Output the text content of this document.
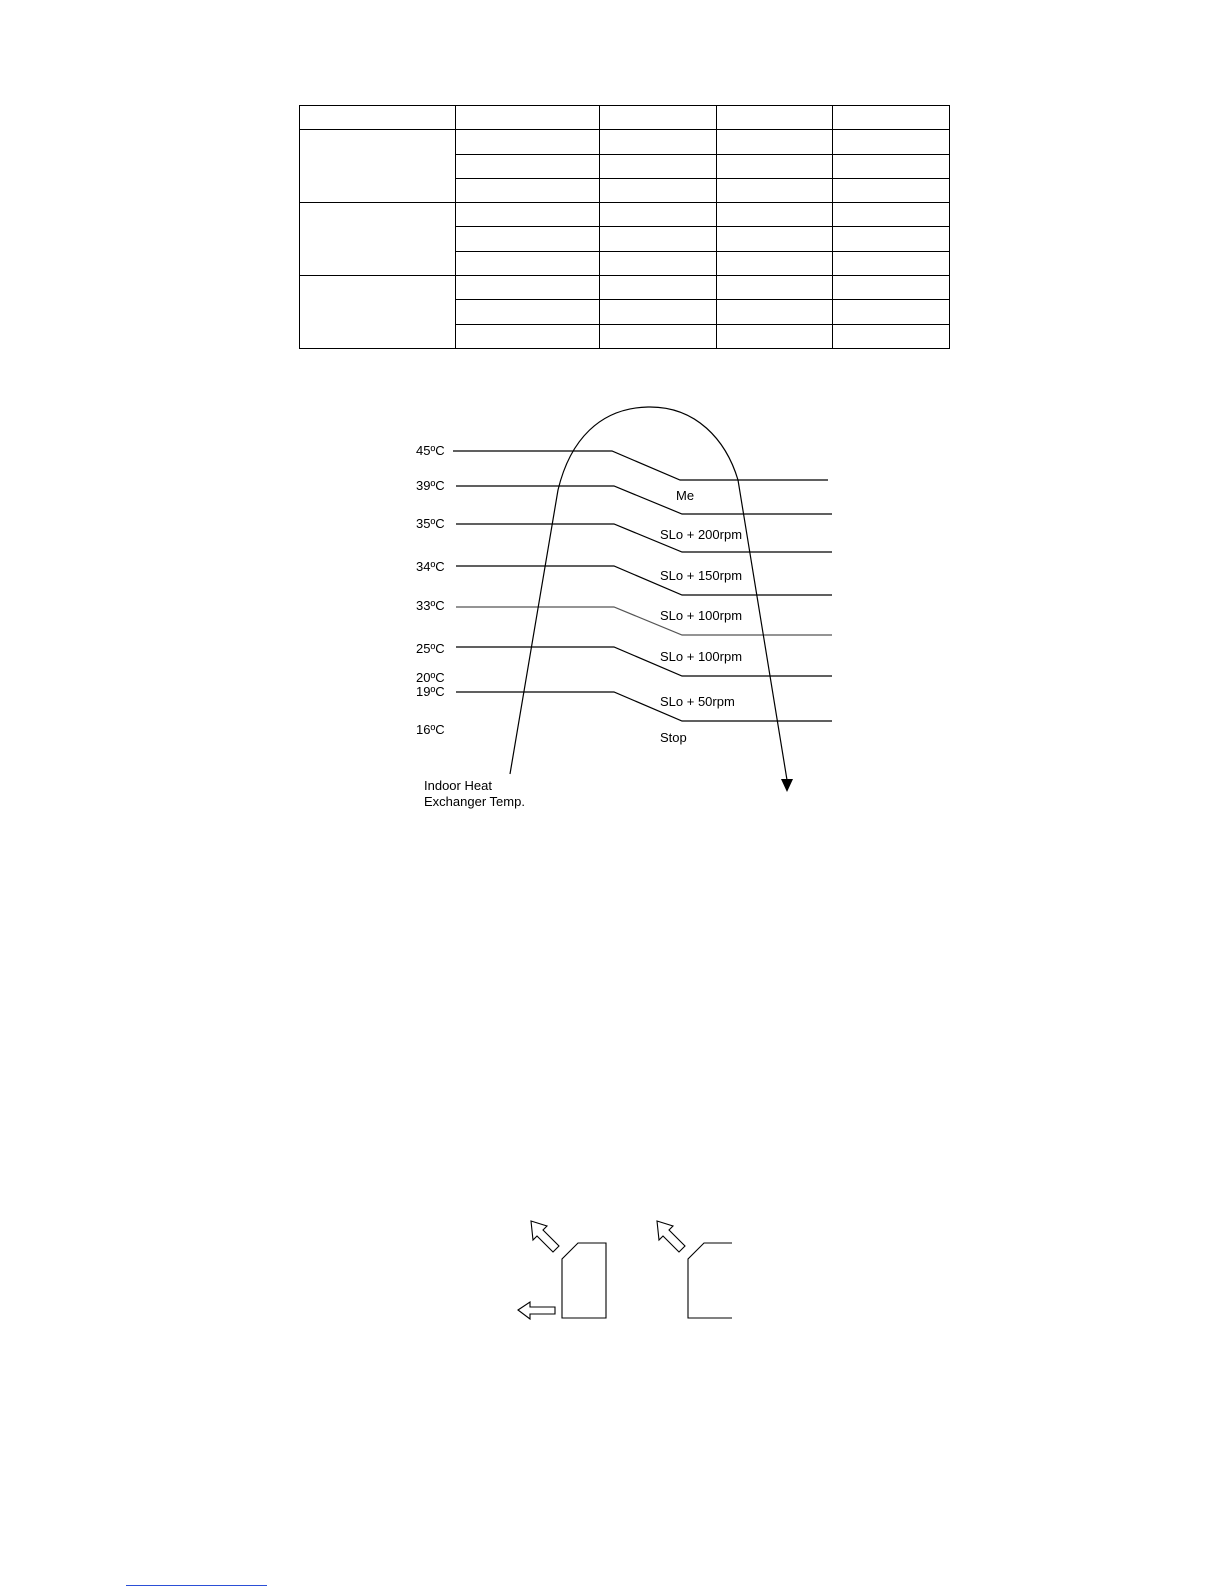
45ºC
39ºC
35ºC
34ºC
33ºC
25ºC
20ºC
19ºC
16ºC
Me
SLo + 200rpm
SLo + 150rpm
SLo + 100rpm
SLo + 100rpm
SLo + 50rpm
Stop
Indoor Heat
Exchanger Temp.
